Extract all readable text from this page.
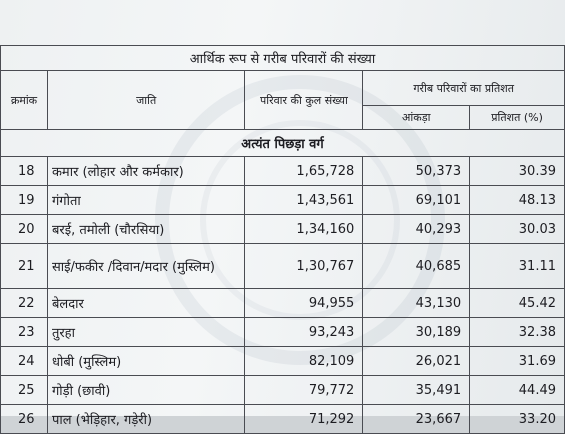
आर्थिक रूप से गरीब परिवारों की संख्या				
क्रमांक	जाति	परिवार की कुल संख्या	गरीब परिवारों का प्रतिशत	
			आंकड़ा	प्रतिशत (%)
अत्यंत पिछड़ा वर्ग				
18	कमार (लोहार और कर्मकार)	1,65,728	50,373	30.39
19	गंगोता	1,43,561	69,101	48.13
20	बरई, तमोली (चौरसिया)	1,34,160	40,293	30.03
21	साई/फकीर /दिवान/मदार (मुस्लिम)	1,30,767	40,685	31.11
22	बेलदार	94,955	43,130	45.42
23	तुरहा	93,243	30,189	32.38
24	धोबी (मुस्लिम)	82,109	26,021	31.69
25	गोड़ी (छावी)	79,772	35,491	44.49
26	पाल (भेड़िहार, गड़ेरी)	71,292	23,667	33.20
